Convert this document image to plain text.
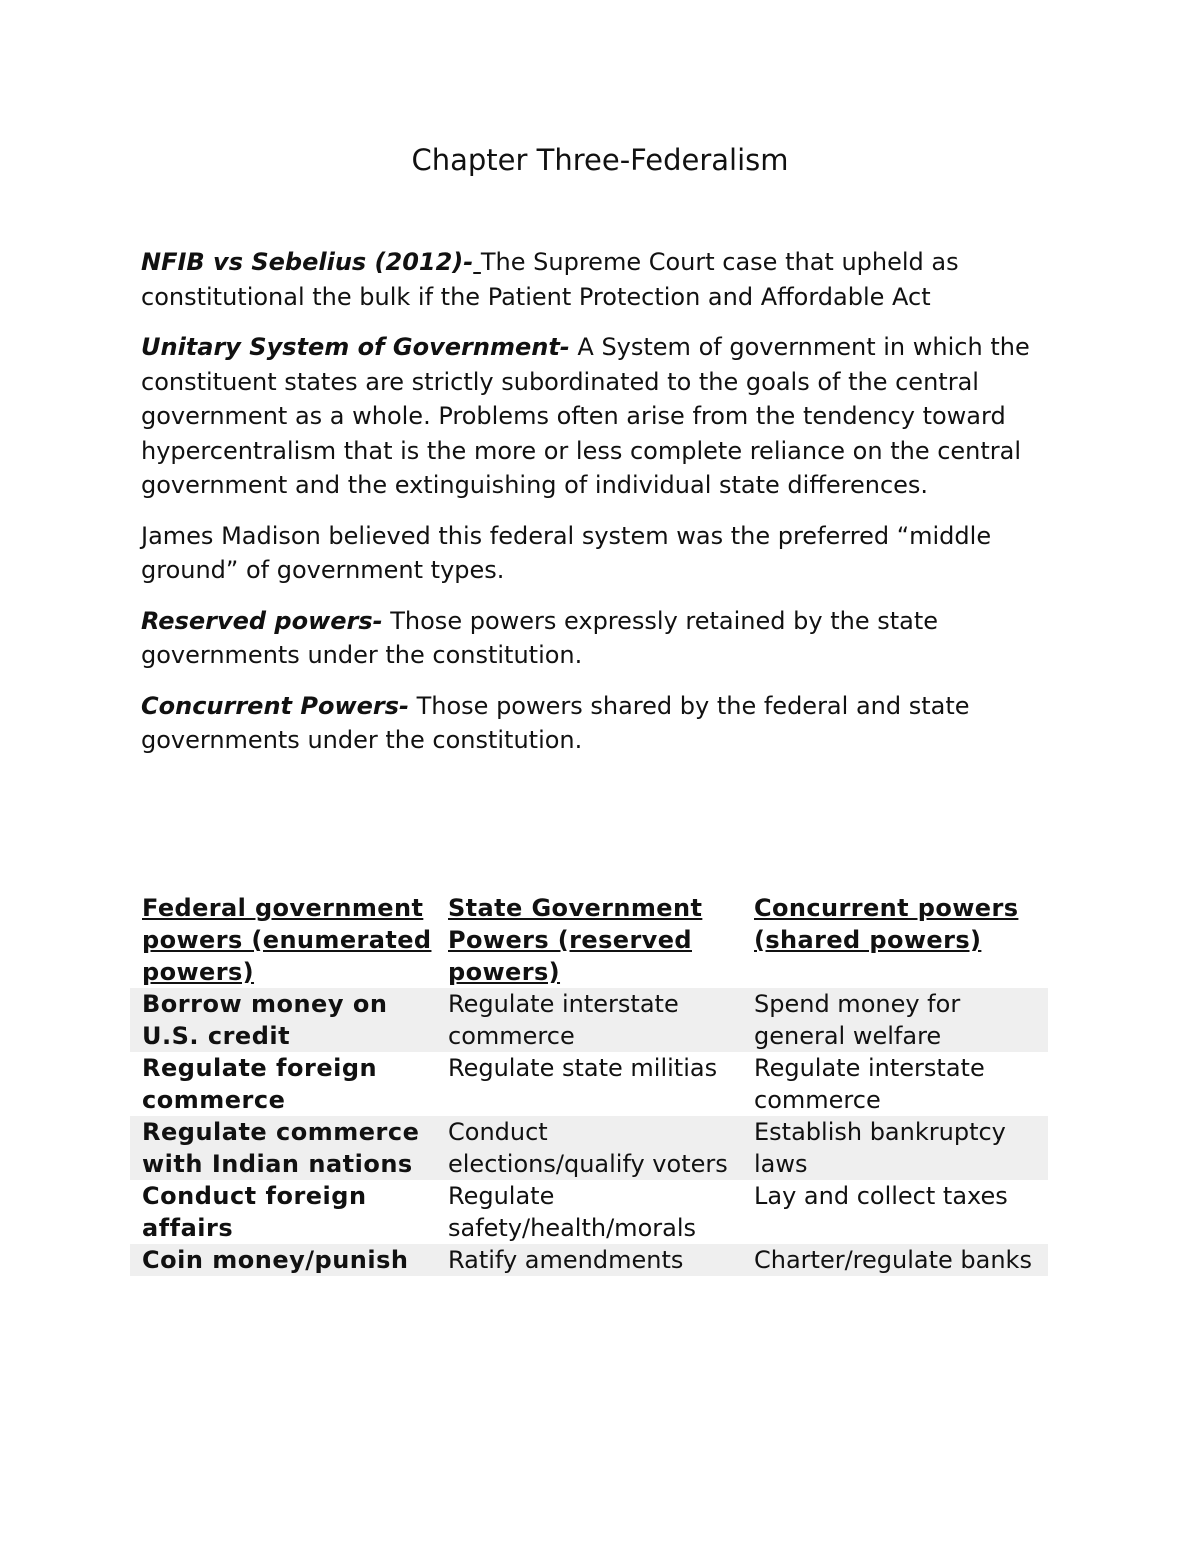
Chapter Three-Federalism

NFIB vs Sebelius (2012)- The Supreme Court case that upheld as constitutional the bulk if the Patient Protection and Affordable Act

Unitary System of Government- A System of government in which the constituent states are strictly subordinated to the goals of the central government as a whole. Problems often arise from the tendency toward hypercentralism that is the more or less complete reliance on the central government and the extinguishing of individual state differences.

James Madison believed this federal system was the preferred “middle ground” of government types.

Reserved powers- Those powers expressly retained by the state governments under the constitution.

Concurrent Powers- Those powers shared by the federal and state governments under the constitution.

Federal government powers (enumerated powers)	State Government Powers (reserved powers)	Concurrent powers (shared powers)
Borrow money on U.S. credit	Regulate interstate commerce	Spend money for general welfare
Regulate foreign commerce	Regulate state militias	Regulate interstate commerce
Regulate commerce with Indian nations	Conduct elections/qualify voters	Establish bankruptcy laws
Conduct foreign affairs	Regulate safety/health/morals	Lay and collect taxes
Coin money/punish	Ratify amendments	Charter/regulate banks
